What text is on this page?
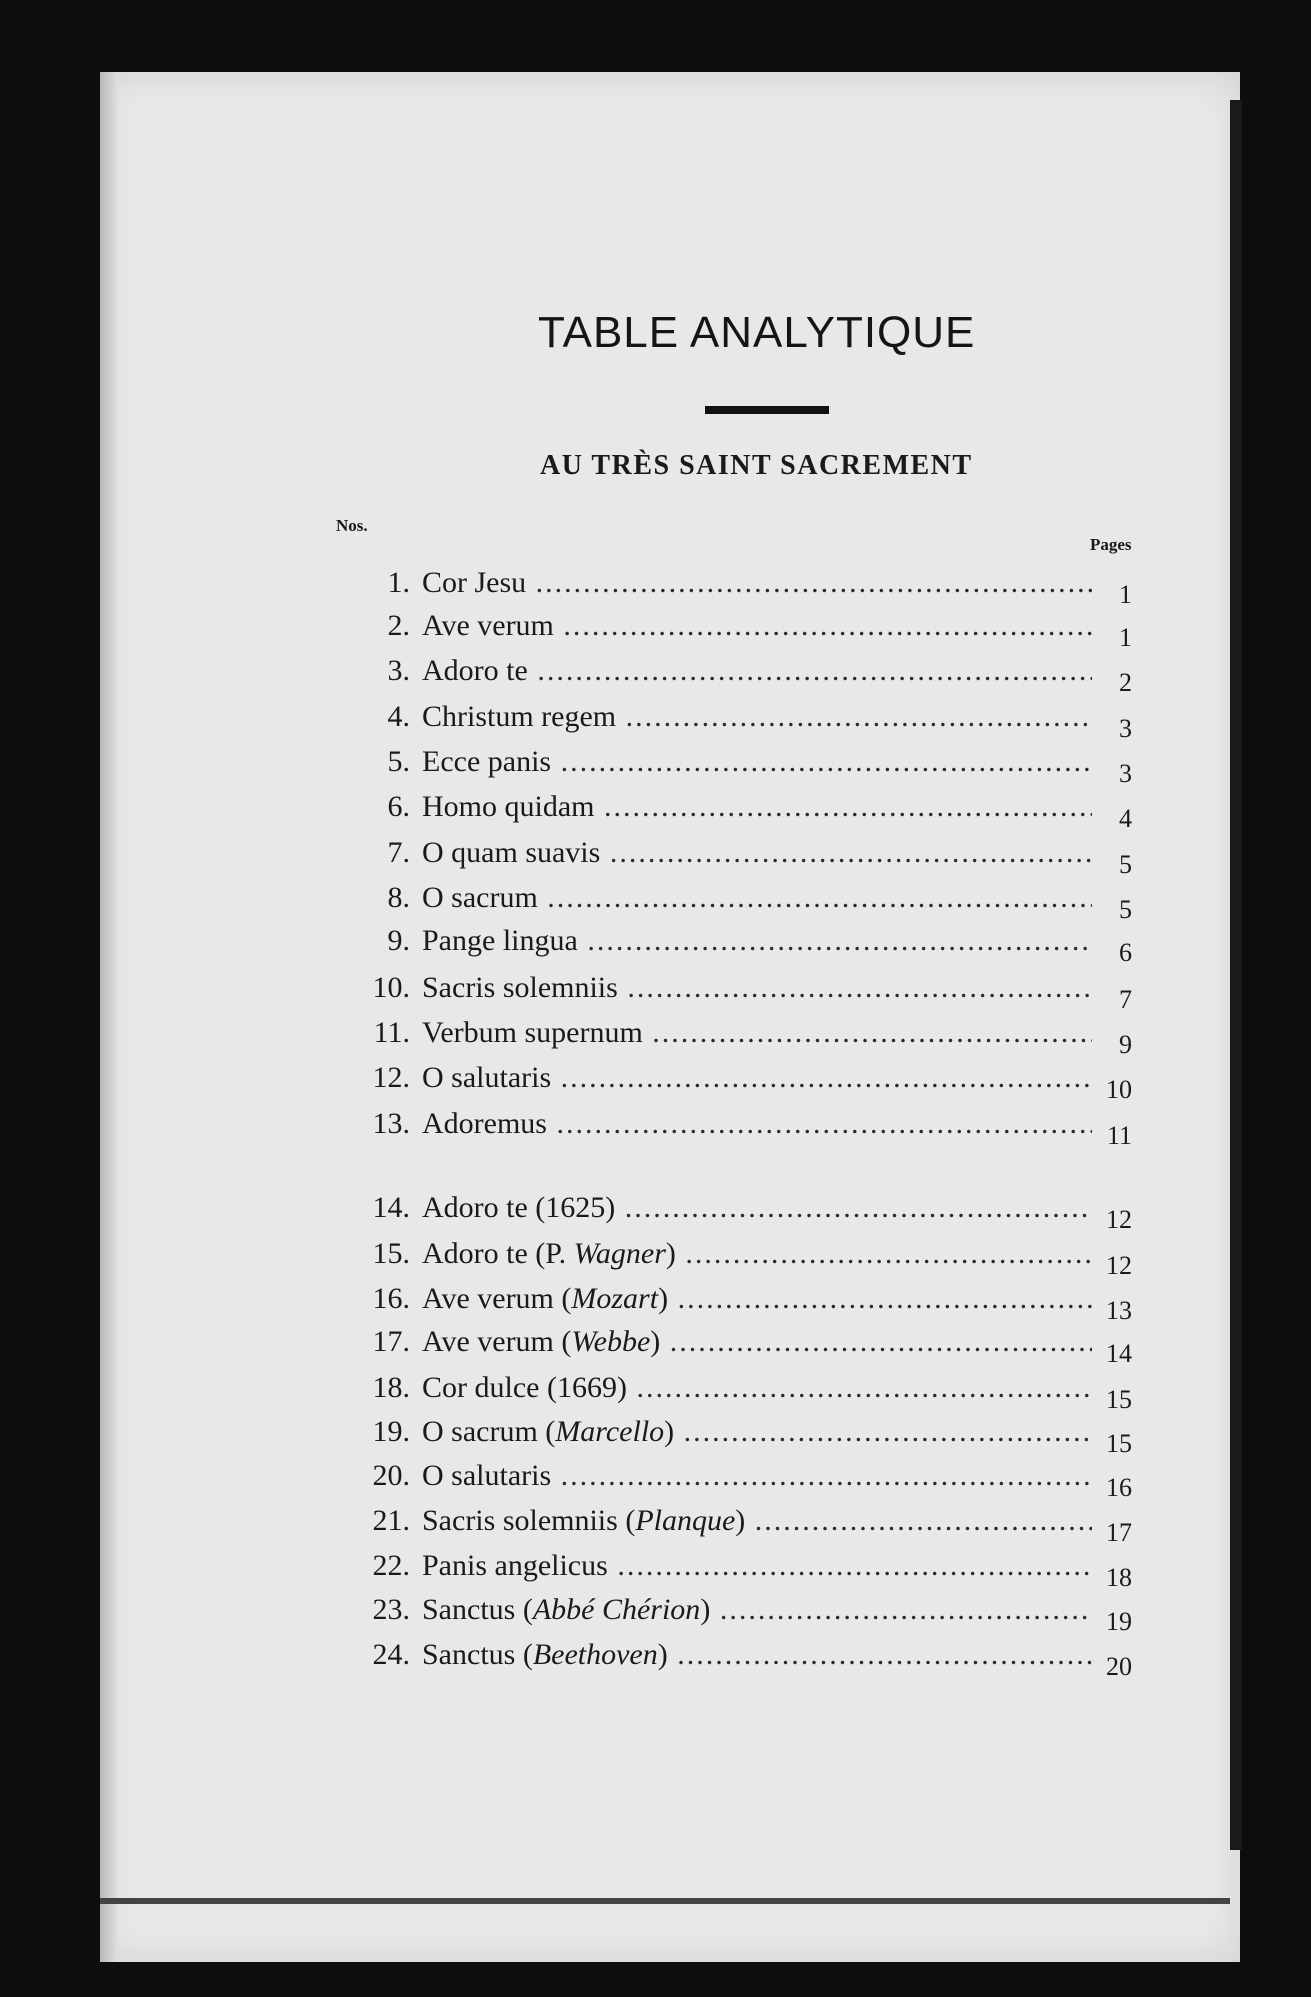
TABLE ANALYTIQUE
AU TRÈS SAINT SACREMENT
Nos.
Pages
1. Cor Jesu .....	1
2. Ave verum .....	1
3. Adoro te .....	2
4. Christum regem .....	3
5. Ecce panis .....	3
6. Homo quidam .....	4
7. O quam suavis .....	5
8. O sacrum .....	5
9. Pange lingua .....	6
10. Sacris solemniis .....	7
11. Verbum supernum .....	9
12. O salutaris .....	10
13. Adoremus .....	11
14. Adoro te (1625) .....	12
15. Adoro te (P. Wagner) .....	12
16. Ave verum (Mozart) .....	13
17. Ave verum (Webbe) .....	14
18. Cor dulce (1669) .....	15
19. O sacrum (Marcello) .....	15
20. O salutaris .....	16
21. Sacris solemniis (Planque) .....	17
22. Panis angelicus .....	18
23. Sanctus (Abbé Chérion) .....	19
24. Sanctus (Beethoven) .....	20
